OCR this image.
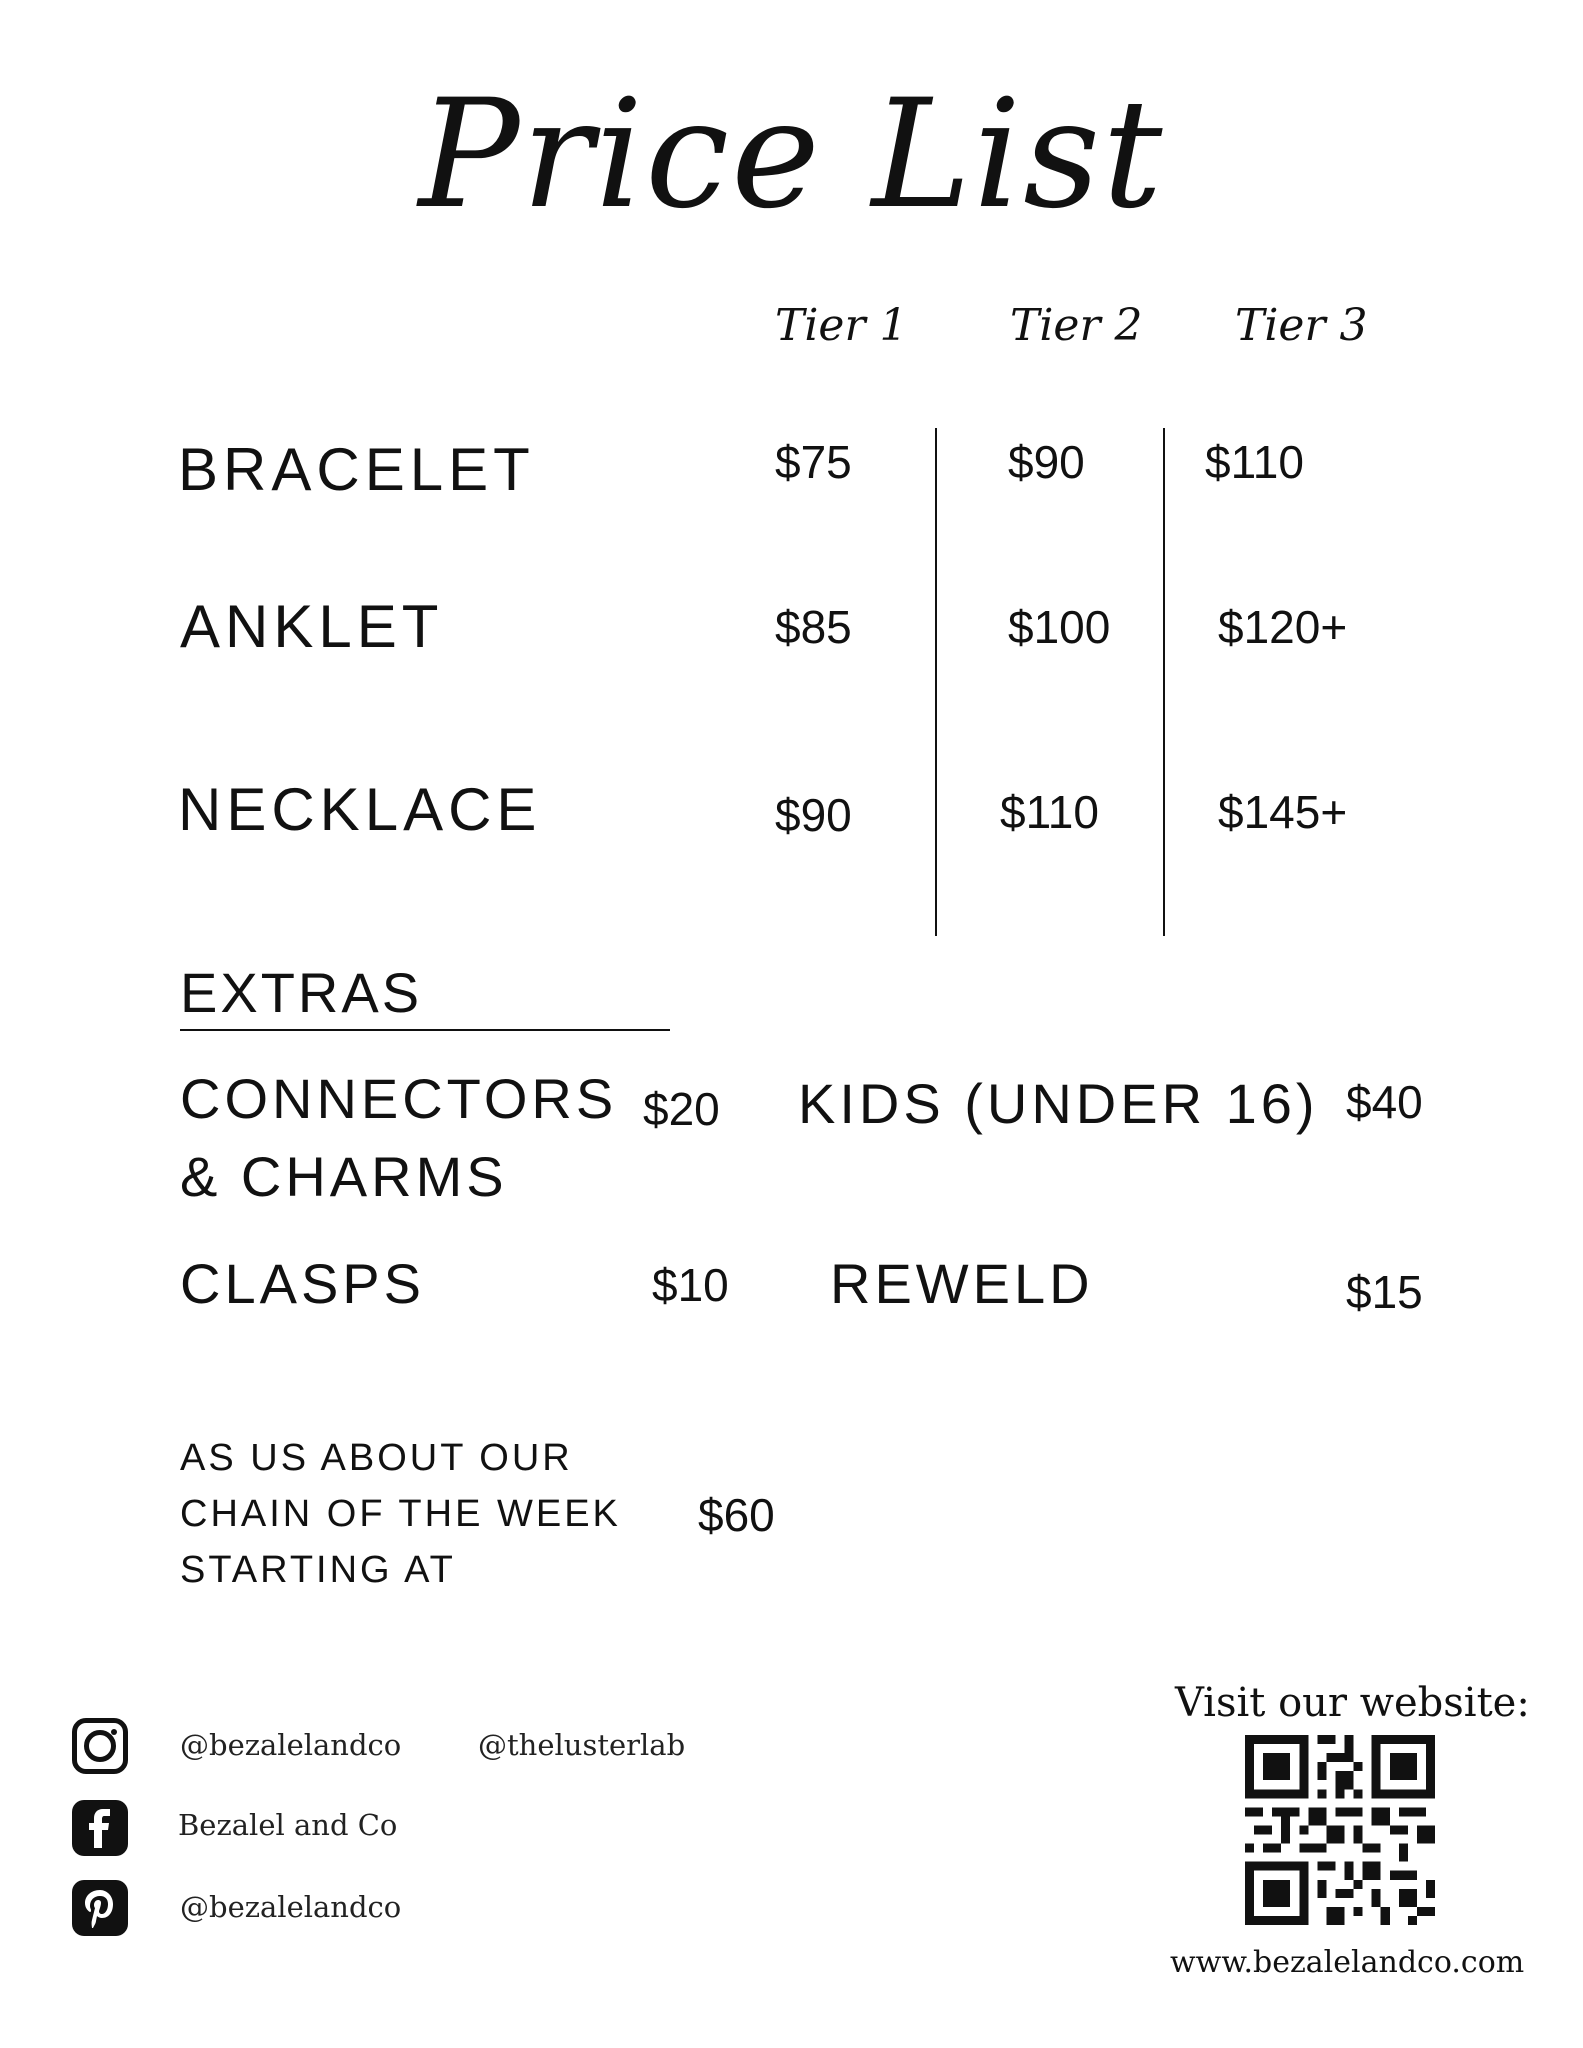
Price List
Tier 1 Tier 2 Tier 3
BRACELET	$75	$90	$110
ANKLET	$85	$100 $120+
NECKLACE	$90	$110	$145+
EXTRAS
CONNECTORS
& CHARMS
$20 KIDS (UNDER 16) $40
CLASPS	$10 REWELD	$15
AS US ABOUT OUR
CHAIN OF THE WEEK
STARTING AT
$60
@bezalelandco	@thelusterlab
Bezalel and Co
@bezalelandco
Visit our website:
www.bezalelandco.com
